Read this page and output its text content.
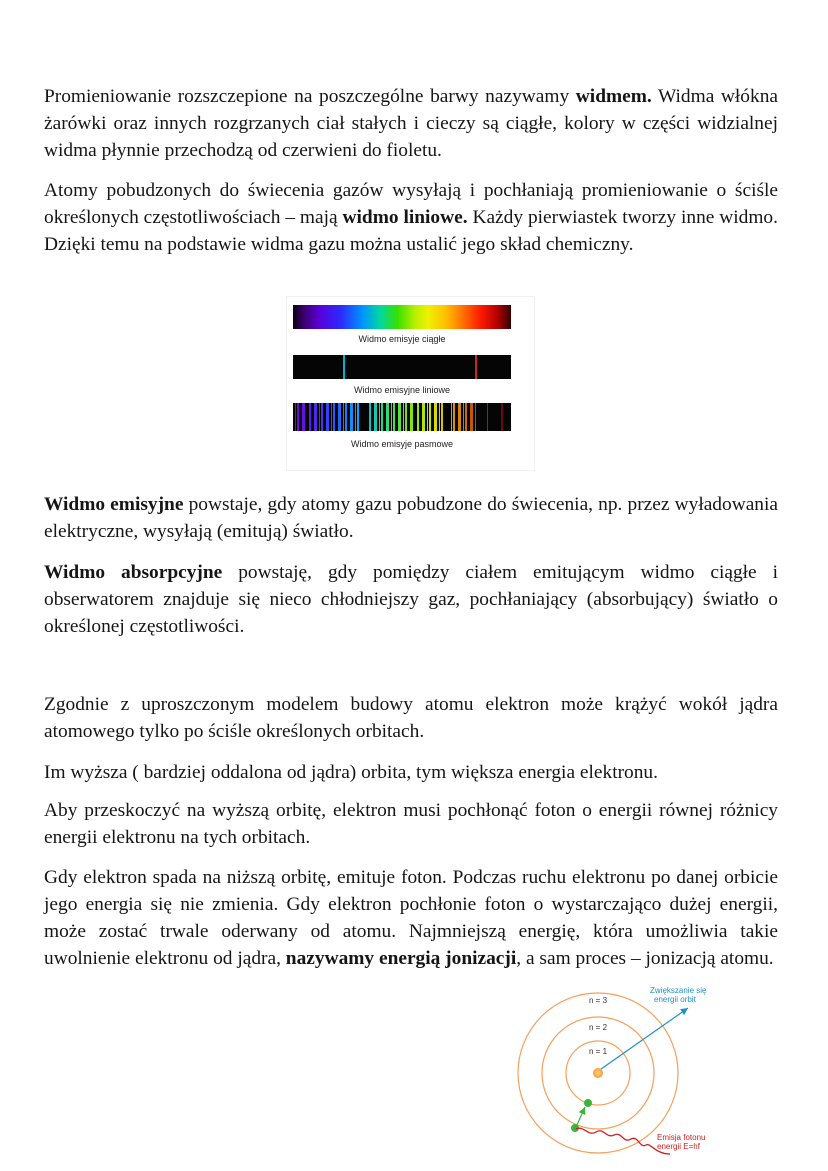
Promieniowanie rozszczepione na poszczególne barwy nazywamy widmem. Widma włókna żarówki oraz innych rozgrzanych ciał stałych i cieczy są ciągłe, kolory w części widzialnej widma płynnie przechodzą od czerwieni do fioletu.

Atomy pobudzonych do świecenia gazów wysyłają i pochłaniają promieniowanie o ściśle określonych częstotliwościach – mają widmo liniowe. Każdy pierwiastek tworzy inne widmo. Dzięki temu na podstawie widma gazu można ustalić jego skład chemiczny.

Widmo emisyje ciągłe
Widmo emisyjne liniowe
Widmo emisyje pasmowe

Widmo emisyjne powstaje, gdy atomy gazu pobudzone do świecenia, np. przez wyładowania elektryczne, wysyłają (emitują) światło.

Widmo absorpcyjne powstaję, gdy pomiędzy ciałem emitującym widmo ciągłe i obserwatorem znajduje się nieco chłodniejszy gaz, pochłaniający (absorbujący) światło o określonej częstotliwości.

Zgodnie z uproszczonym modelem budowy atomu elektron może krążyć wokół jądra atomowego tylko po ściśle określonych orbitach.

Im wyższa ( bardziej oddalona od jądra) orbita, tym większa energia elektronu.

Aby przeskoczyć na wyższą orbitę, elektron musi pochłonąć foton o energii równej różnicy energii elektronu na tych orbitach.

Gdy elektron spada na niższą orbitę, emituje foton. Podczas ruchu elektronu po danej orbicie jego energia się nie zmienia. Gdy elektron pochłonie foton o wystarczająco dużej energii, może zostać trwale oderwany od atomu. Najmniejszą energię, która umożliwia takie uwolnienie elektronu od jądra, nazywamy energią jonizacji, a sam proces – jonizacją atomu.

n = 3
n = 2
n = 1
Zwiększanie się energii orbit
Emisja fotonu energii E=hf
